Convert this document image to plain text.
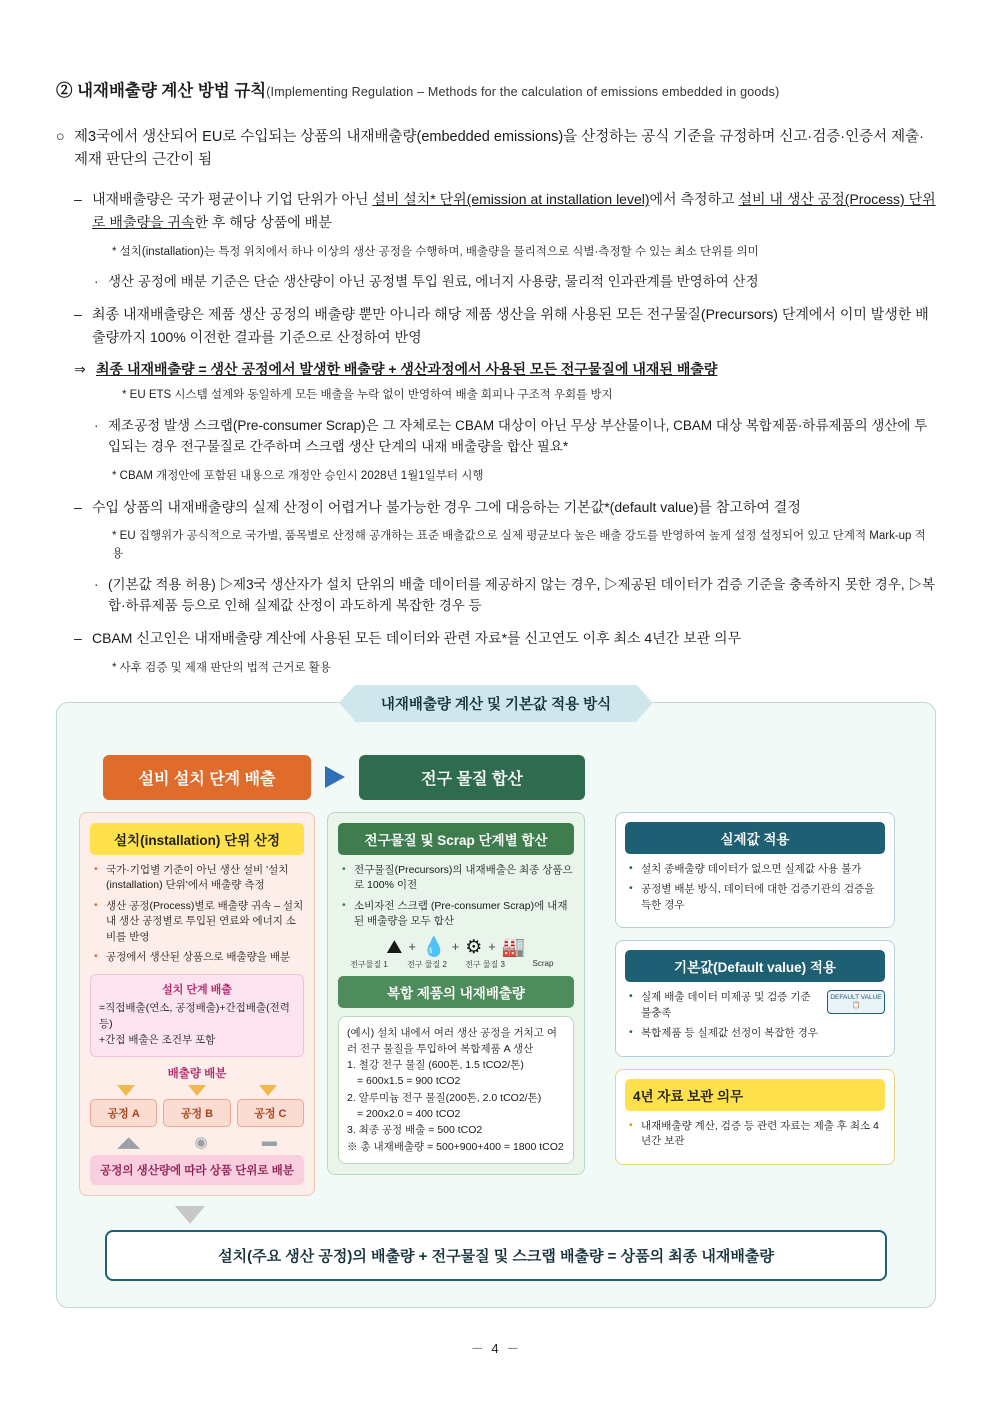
② 내재배출량 계산 방법 규칙(Implementing Regulation – Methods for the calculation of emissions embedded in goods)
○ 제3국에서 생산되어 EU로 수입되는 상품의 내재배출량(embedded emissions)을 산정하는 공식 기준을 규정하며 신고·검증·인증서 제출·제재 판단의 근간이 됨
– 내재배출량은 국가 평균이나 기업 단위가 아닌 설비 설치* 단위(emission at installation level)에서 측정하고 설비 내 생산 공정(Process) 단위로 배출량을 귀속한 후 해당 상품에 배분
* 설치(installation)는 특정 위치에서 하나 이상의 생산 공정을 수행하며, 배출량을 물리적으로 식별·측정할 수 있는 최소 단위를 의미
· 생산 공정에 배분 기준은 단순 생산량이 아닌 공정별 투입 원료, 에너지 사용량, 물리적 인과관계를 반영하여 산정
– 최종 내재배출량은 제품 생산 공정의 배출량 뿐만 아니라 해당 제품 생산을 위해 사용된 모든 전구물질(Precursors) 단계에서 이미 발생한 배출량까지 100% 이전한 결과를 기준으로 산정하여 반영
⇒ 최종 내재배출량 = 생산 공정에서 발생한 배출량 + 생산과정에서 사용된 모든 전구물질에 내재된 배출량
* EU ETS 시스템 설계와 동일하게 모든 배출을 누락 없이 반영하여 배출 회피나 구조적 우회를 방지
· 제조공정 발생 스크랩(Pre-consumer Scrap)은 그 자체로는 CBAM 대상이 아닌 무상 부산물이나, CBAM 대상 복합제품·하류제품의 생산에 투입되는 경우 전구물질로 간주하며 스크랩 생산 단계의 내재 배출량을 합산 필요*
* CBAM 개정안에 포함된 내용으로 개정안 승인시 2028년 1월1일부터 시행
– 수입 상품의 내재배출량의 실제 산정이 어렵거나 불가능한 경우 그에 대응하는 기본값*(default value)를 참고하여 결정
* EU 집행위가 공식적으로 국가별, 품목별로 산정해 공개하는 표준 배출값으로 실제 평균보다 높은 배출 강도를 반영하여 높게 설정 설정되어 있고 단계적 Mark-up 적용
· (기본값 적용 허용) ▷제3국 생산자가 설치 단위의 배출 데이터를 제공하지 않는 경우, ▷제공된 데이터가 검증 기준을 충족하지 못한 경우, ▷복합·하류제품 등으로 인해 실제값 산정이 과도하게 복잡한 경우 등
– CBAM 신고인은 내재배출량 계산에 사용된 모든 데이터와 관련 자료*를 신고연도 이후 최소 4년간 보관 의무
* 사후 검증 및 제재 판단의 법적 근거로 활용
내재배출량 계산 및 기본값 적용 방식
설비 설치 단계 배출	전구 물질 합산
설치(installation) 단위 산정
• 국가·기업별 기준이 아닌 생산 설비 '설치(installation) 단위'에서 배출량 측정
• 생산 공정(Process)별로 배출량 귀속 – 설치 내 생산 공정별로 투입된 연료와 에너지 소비를 반영
• 공정에서 생산된 상품으로 배출량을 배분
설치 단계 배출
=직접배출(연소, 공정배출)+간접배출(전력 등)
+간접 배출은 조건부 포함
배출량 배분
공정 A	공정 B	공정 C
◢◣	◉	▬
공정의 생산량에 따라 상품 단위로 배분
전구물질 및 Scrap 단계별 합산
• 전구물질(Precursors)의 내재배출은 최종 상품으로 100% 이전
• 소비자전 스크랩 (Pre-consumer Scrap)에 내재된 배출량을 모두 합산
⛰ + 💧 + ⚙ + 🏭
전구물질 1	전구 물질 2	전구 물질 3	Scrap
복합 제품의 내재배출량
(예시) 설치 내에서 여러 생산 공정을 거치고 여러 전구 물질을 투입하여 복합제품 A 생산
1. 철강 전구 물질 (600톤, 1.5 tCO2/톤)
= 600x1.5 = 900 tCO2
2. 알루미늄 전구 물질(200톤, 2.0 tCO2/톤)
= 200x2.0 = 400 tCO2
3. 최종 공정 배출 = 500 tCO2
※ 총 내재배출량 = 500+900+400 = 1800 tCO2
실제값 적용
• 설치 종배출량 데이터가 없으면 실제값 사용 불가
• 공정별 배분 방식, 데이터에 대한 검증기관의 검증을 득한 경우
기본값(Default value) 적용
DEFAULT VALUE
📋
• 실제 배출 데이터 미제공 및 검증 기준 불충족
• 복합제품 등 실제값 선정이 복잡한 경우
4년 자료 보관 의무
• 내재배출량 계산, 검증 등 관련 자료는 제출 후 최소 4년간 보관
설치(주요 생산 공정)의 배출량 + 전구물질 및 스크랩 배출량 = 상품의 최종 내재배출량
－ 4 －
